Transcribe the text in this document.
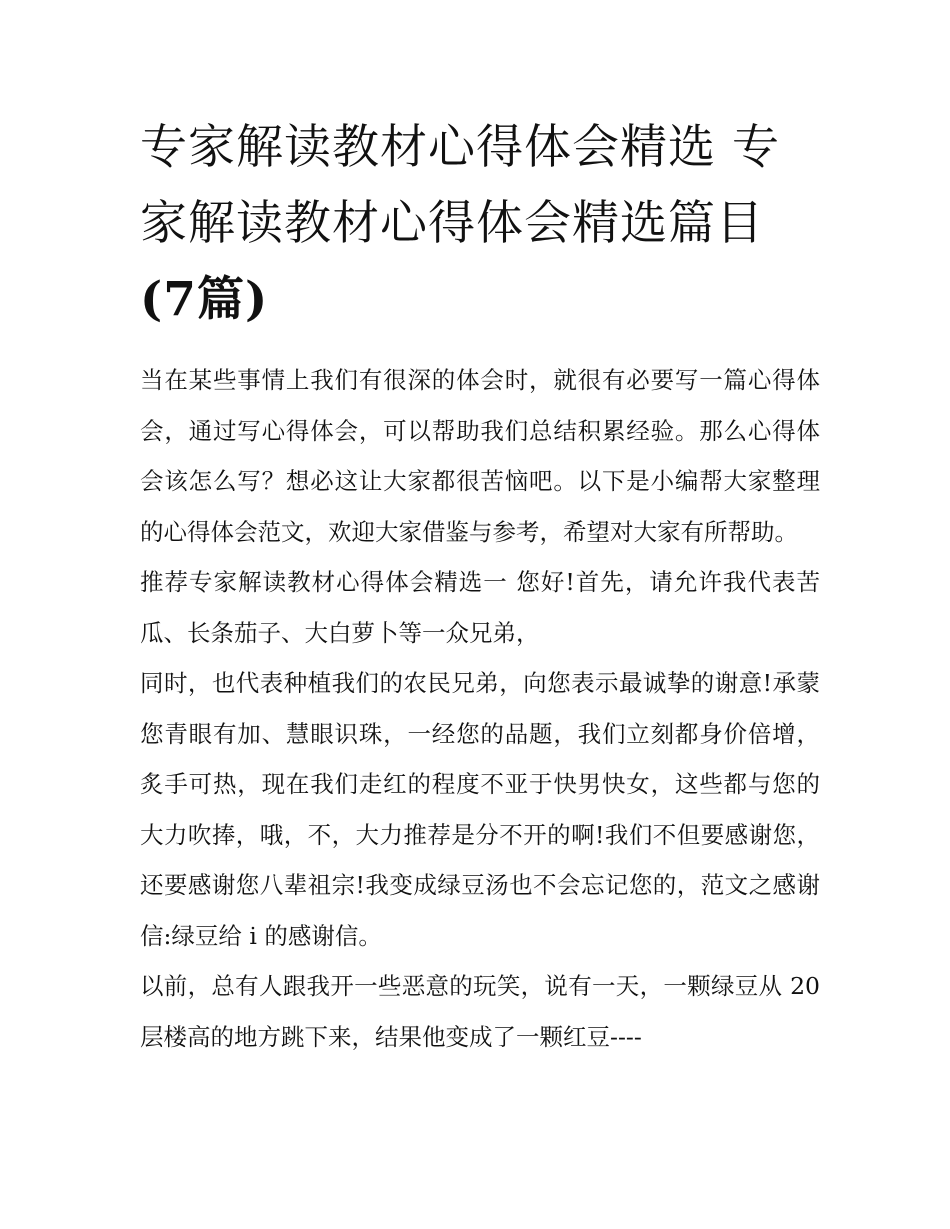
专家解读教材心得体会精选 专家解读教材心得体会精选篇目(7篇)

当在某些事情上我们有很深的体会时，就很有必要写一篇心得体会，通过写心得体会，可以帮助我们总结积累经验。那么心得体会该怎么写？想必这让大家都很苦恼吧。以下是小编帮大家整理的心得体会范文，欢迎大家借鉴与参考，希望对大家有所帮助。

推荐专家解读教材心得体会精选一 您好!首先，请允许我代表苦瓜、长条茄子、大白萝卜等一众兄弟，

同时，也代表种植我们的农民兄弟，向您表示最诚挚的谢意!承蒙您青眼有加、慧眼识珠，一经您的品题，我们立刻都身价倍增，炙手可热，现在我们走红的程度不亚于快男快女，这些都与您的大力吹捧，哦，不，大力推荐是分不开的啊!我们不但要感谢您，还要感谢您八辈祖宗!我变成绿豆汤也不会忘记您的，范文之感谢信:绿豆给 i 的感谢信。

以前，总有人跟我开一些恶意的玩笑，说有一天，一颗绿豆从 20 层楼高的地方跳下来，结果他变成了一颗红豆----
